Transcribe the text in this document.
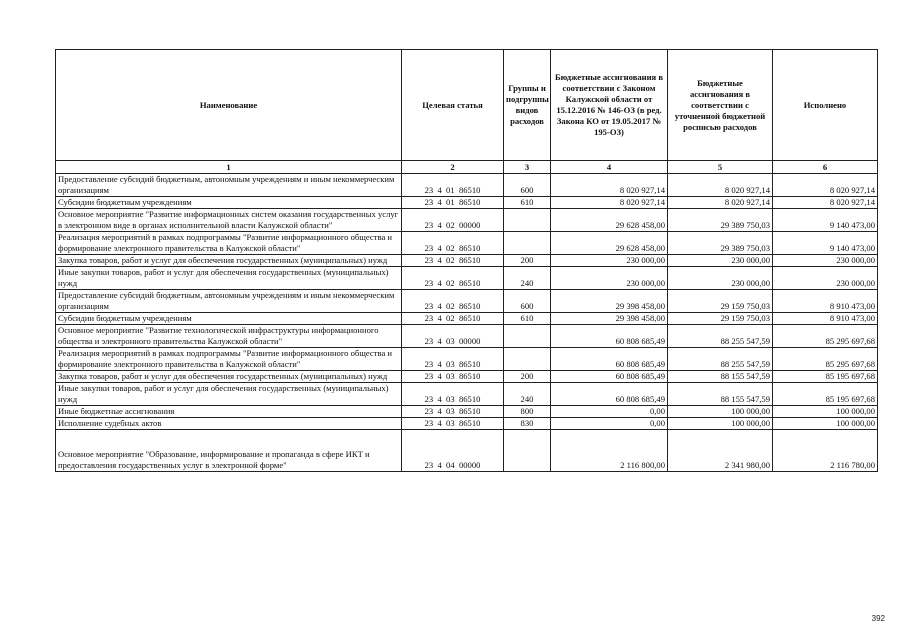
Наименование	Целевая статья	Группы и подгруппы видов расходов	Бюджетные ассигнования в соответствии с Законом Калужской области от 15.12.2016 № 146-ОЗ (в ред. Закона КО от 19.05.2017 № 195-ОЗ)	Бюджетные ассигнования в соответствии с уточненной бюджетной росписью расходов	Исполнено
1	2	3	4	5	6
Предоставление субсидий бюджетным, автономным учреждениям и иным некоммерческим организациям	23  4  01  86510	600	8 020 927,14	8 020 927,14	8 020 927,14
Субсидии бюджетным учреждениям	23  4  01  86510	610	8 020 927,14	8 020 927,14	8 020 927,14
Основное мероприятие "Развитие информационных систем оказания государственных услуг в электронном виде в органах исполнительной власти Калужской области"	23  4  02  00000		29 628 458,00	29 389 750,03	9 140 473,00
Реализация мероприятий в рамках подпрограммы "Развитие информационного общества и формирование электронного правительства в Калужской области"	23  4  02  86510		29 628 458,00	29 389 750,03	9 140 473,00
Закупка товаров, работ и услуг для обеспечения государственных (муниципальных) нужд	23  4  02  86510	200	230 000,00	230 000,00	230 000,00
Иные закупки товаров, работ и услуг для обеспечения государственных (муниципальных) нужд	23  4  02  86510	240	230 000,00	230 000,00	230 000,00
Предоставление субсидий бюджетным, автономным учреждениям и иным некоммерческим организациям	23  4  02  86510	600	29 398 458,00	29 159 750,03	8 910 473,00
Субсидии бюджетным учреждениям	23  4  02  86510	610	29 398 458,00	29 159 750,03	8 910 473,00
Основное мероприятие "Развитие технологической инфраструктуры информационного общества и электронного правительства Калужской области"	23  4  03  00000		60 808 685,49	88 255 547,59	85 295 697,68
Реализация мероприятий в рамках подпрограммы "Развитие информационного общества и формирование электронного правительства в Калужской области"	23  4  03  86510		60 808 685,49	88 255 547,59	85 295 697,68
Закупка товаров, работ и услуг для обеспечения государственных (муниципальных) нужд	23  4  03  86510	200	60 808 685,49	88 155 547,59	85 195 697,68
Иные закупки товаров, работ и услуг для обеспечения государственных (муниципальных) нужд	23  4  03  86510	240	60 808 685,49	88 155 547,59	85 195 697,68
Иные бюджетные ассигнования	23  4  03  86510	800	0,00	100 000,00	100 000,00
Исполнение судебных актов	23  4  03  86510	830	0,00	100 000,00	100 000,00
Основное мероприятие "Образование, информирование и пропаганда в сфере ИКТ и предоставления государственных услуг в электронной форме"	23  4  04  00000		2 116 800,00	2 341 980,00	2 116 780,00
392
